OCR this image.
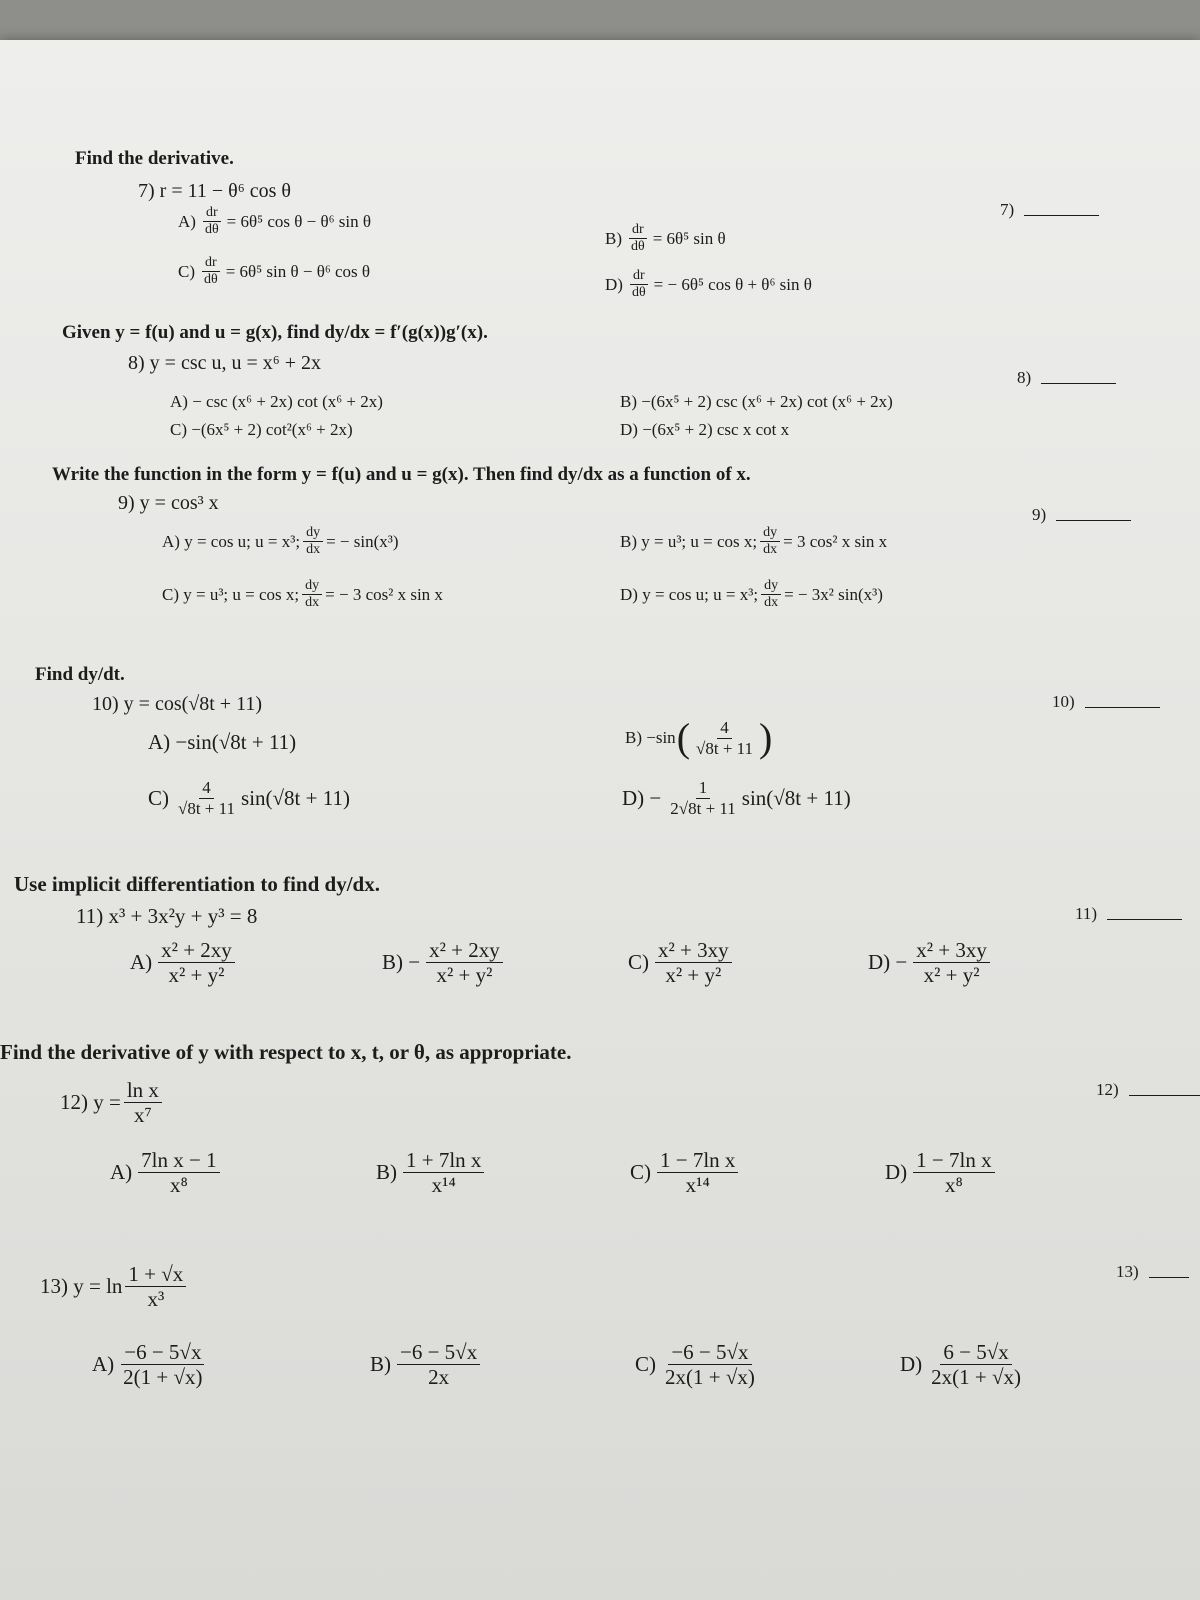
Find the derivative.
7) r = 11 − θ⁶ cos θ
$A) \frac{dr}{d\theta} = 6\theta^5$ cos θ − θ⁶ sin θ
$B) \frac{dr}{d\theta} = 6\theta^5$ sin θ
$C) \frac{dr}{d\theta} = 6\theta^5$ sin θ − θ⁶ cos θ
$D) \frac{dr}{d\theta}$ = − 6θ⁵ cos θ + θ⁶ sin θ
7)
Given y = f(u) and u = g(x), find dy/dx = f′(g(x))g′(x).
8) y = csc u, u = x⁶ + 2x
A) − csc (x⁶ + 2x) cot (x⁶ + 2x)	B) −(6x⁵ + 2) csc (x⁶ + 2x) cot (x⁶ + 2x)
C) −(6x⁵ + 2) cot²(x⁶ + 2x)	D) −(6x⁵ + 2) csc x cot x
8)
Write the function in the form y = f(u) and u = g(x). Then find dy/dx as a function of x.
9) y = cos³ x
A) y = cos u; u = x³; $\frac{dy}{dx}$ = − sin(x³)	B) y = u³; u = cos x; $\frac{dy}{dx} = 3$ cos² x sin x
C) y = u³; u = cos x; $\frac{dy}{dx}$ = − 3 cos² x sin x	D) y = cos u; u = x³; $\frac{dy}{dx}$ = − 3x² sin(x³)
9)
Find dy/dt.
10) y = cos(√8t + 11)
A) −sin(√8t + 11)	B) −sin ( $\frac{4}{√8t + 11}$ )
$C) \frac{4}{√8t + 11} \sin(√8t + 11)$	$D) - \frac{1}{2√8t + 11} \sin(√8t + 11)$
10)
Use implicit differentiation to find dy/dx.
11) x³ + 3x²y + y³ = 8
$A) \frac{\text{x² + 2xy}}{\text{x² + y²}}$	$B) - \frac{\text{x² + 2xy}}{\text{x² + y²}}$	$C) \frac{\text{x² + 3xy}}{\text{x² + y²}}$	$D) - \frac{\text{x² + 3xy}}{\text{x² + y²}}$
11)
Find the derivative of y with respect to x, t, or θ, as appropriate.
12) $y = \frac{\text{ln x}}{\text{x⁷}}$
$A) \frac{\text{7ln x − 1}}{\text{x⁸}}$	$B) \frac{\text{1 + 7ln x}}{\text{x¹⁴}}$	$C) \frac{\text{1 − 7ln x}}{\text{x¹⁴}}$	$D) \frac{\text{1 − 7ln x}}{\text{x⁸}}$
12)
13) $y = \ln \frac{1 + √x}{\text{x³}}$
$A) \frac{-6 - 5√x}{2(1 + √x)}$	$B) \frac{-6 - 5√x}{2x}$	$C) \frac{-6 - 5√x}{2x(1 + √x)}$	$D) \frac{6 - 5√x}{2x(1 + √x)}$
13)
